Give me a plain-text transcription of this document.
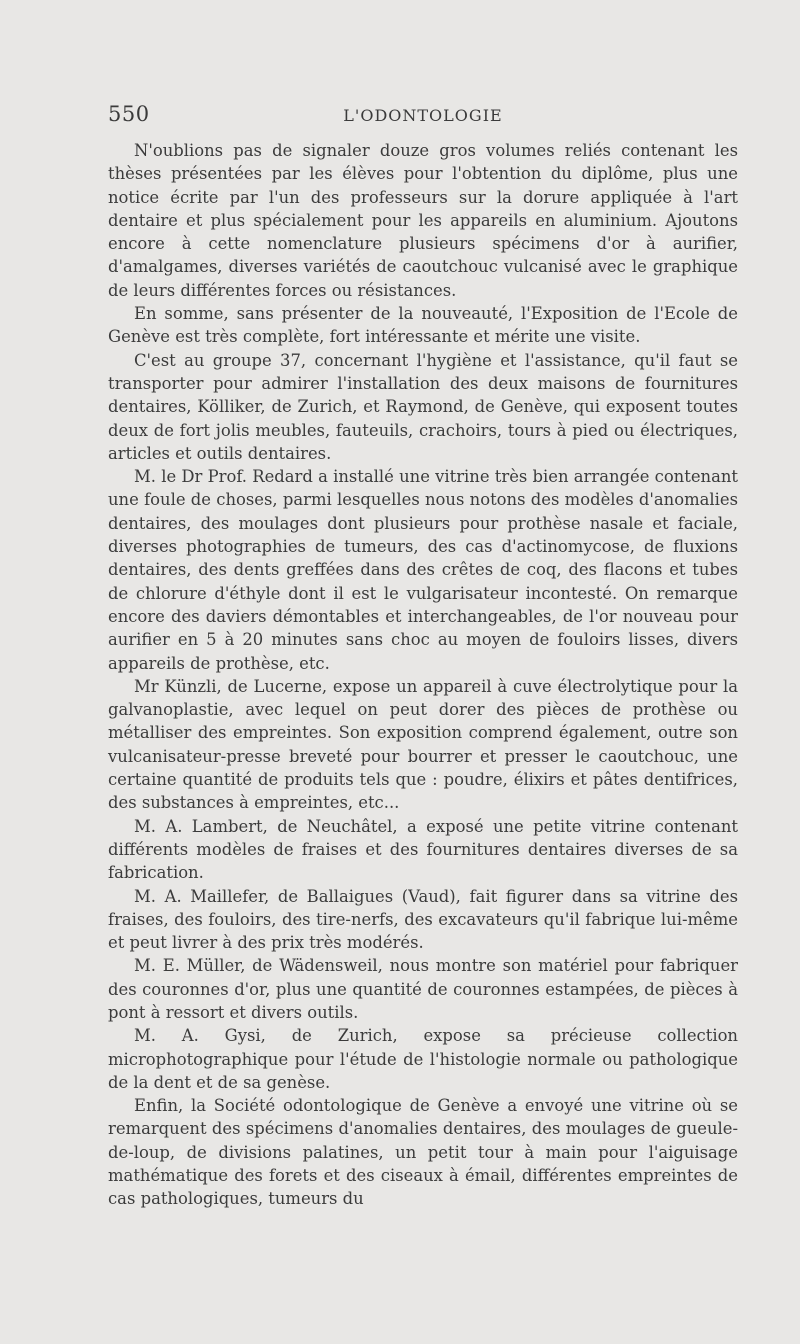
550	L'ODONTOLOGIE

N'oublions pas de signaler douze gros volumes reliés contenant les thèses présentées par les élèves pour l'obtention du diplôme, plus une notice écrite par l'un des professeurs sur la dorure appliquée à l'art dentaire et plus spécialement pour les appareils en aluminium. Ajoutons encore à cette nomenclature plusieurs spécimens d'or à aurifier, d'amalgames, diverses variétés de caoutchouc vulcanisé avec le graphique de leurs différentes forces ou résistances.

En somme, sans présenter de la nouveauté, l'Exposition de l'Ecole de Genève est très complète, fort intéressante et mérite une visite.

C'est au groupe 37, concernant l'hygiène et l'assistance, qu'il faut se transporter pour admirer l'installation des deux maisons de fournitures dentaires, Kölliker, de Zurich, et Raymond, de Genève, qui exposent toutes deux de fort jolis meubles, fauteuils, crachoirs, tours à pied ou électriques, articles et outils dentaires.

M. le Dr Prof. Redard a installé une vitrine très bien arrangée contenant une foule de choses, parmi lesquelles nous notons des modèles d'anomalies dentaires, des moulages dont plusieurs pour prothèse nasale et faciale, diverses photographies de tumeurs, des cas d'actinomycose, de fluxions dentaires, des dents greffées dans des crêtes de coq, des flacons et tubes de chlorure d'éthyle dont il est le vulgarisateur incontesté. On remarque encore des daviers démontables et interchangeables, de l'or nouveau pour aurifier en 5 à 20 minutes sans choc au moyen de fouloirs lisses, divers appareils de prothèse, etc.

Mr Künzli, de Lucerne, expose un appareil à cuve électrolytique pour la galvanoplastie, avec lequel on peut dorer des pièces de prothèse ou métalliser des empreintes. Son exposition comprend également, outre son vulcanisateur-presse breveté pour bourrer et presser le caoutchouc, une certaine quantité de produits tels que : poudre, élixirs et pâtes dentifrices, des substances à empreintes, etc...

M. A. Lambert, de Neuchâtel, a exposé une petite vitrine contenant différents modèles de fraises et des fournitures dentaires diverses de sa fabrication.

M. A. Maillefer, de Ballaigues (Vaud), fait figurer dans sa vitrine des fraises, des fouloirs, des tire-nerfs, des excavateurs qu'il fabrique lui-même et peut livrer à des prix très modérés.

M. E. Müller, de Wädensweil, nous montre son matériel pour fabriquer des couronnes d'or, plus une quantité de couronnes estampées, de pièces à pont à ressort et divers outils.

M. A. Gysi, de Zurich, expose sa précieuse collection microphotographique pour l'étude de l'histologie normale ou pathologique de la dent et de sa genèse.

Enfin, la Société odontologique de Genève a envoyé une vitrine où se remarquent des spécimens d'anomalies dentaires, des moulages de gueule-de-loup, de divisions palatines, un petit tour à main pour l'aiguisage mathématique des forets et des ciseaux à émail, différentes empreintes de cas pathologiques, tumeurs du
